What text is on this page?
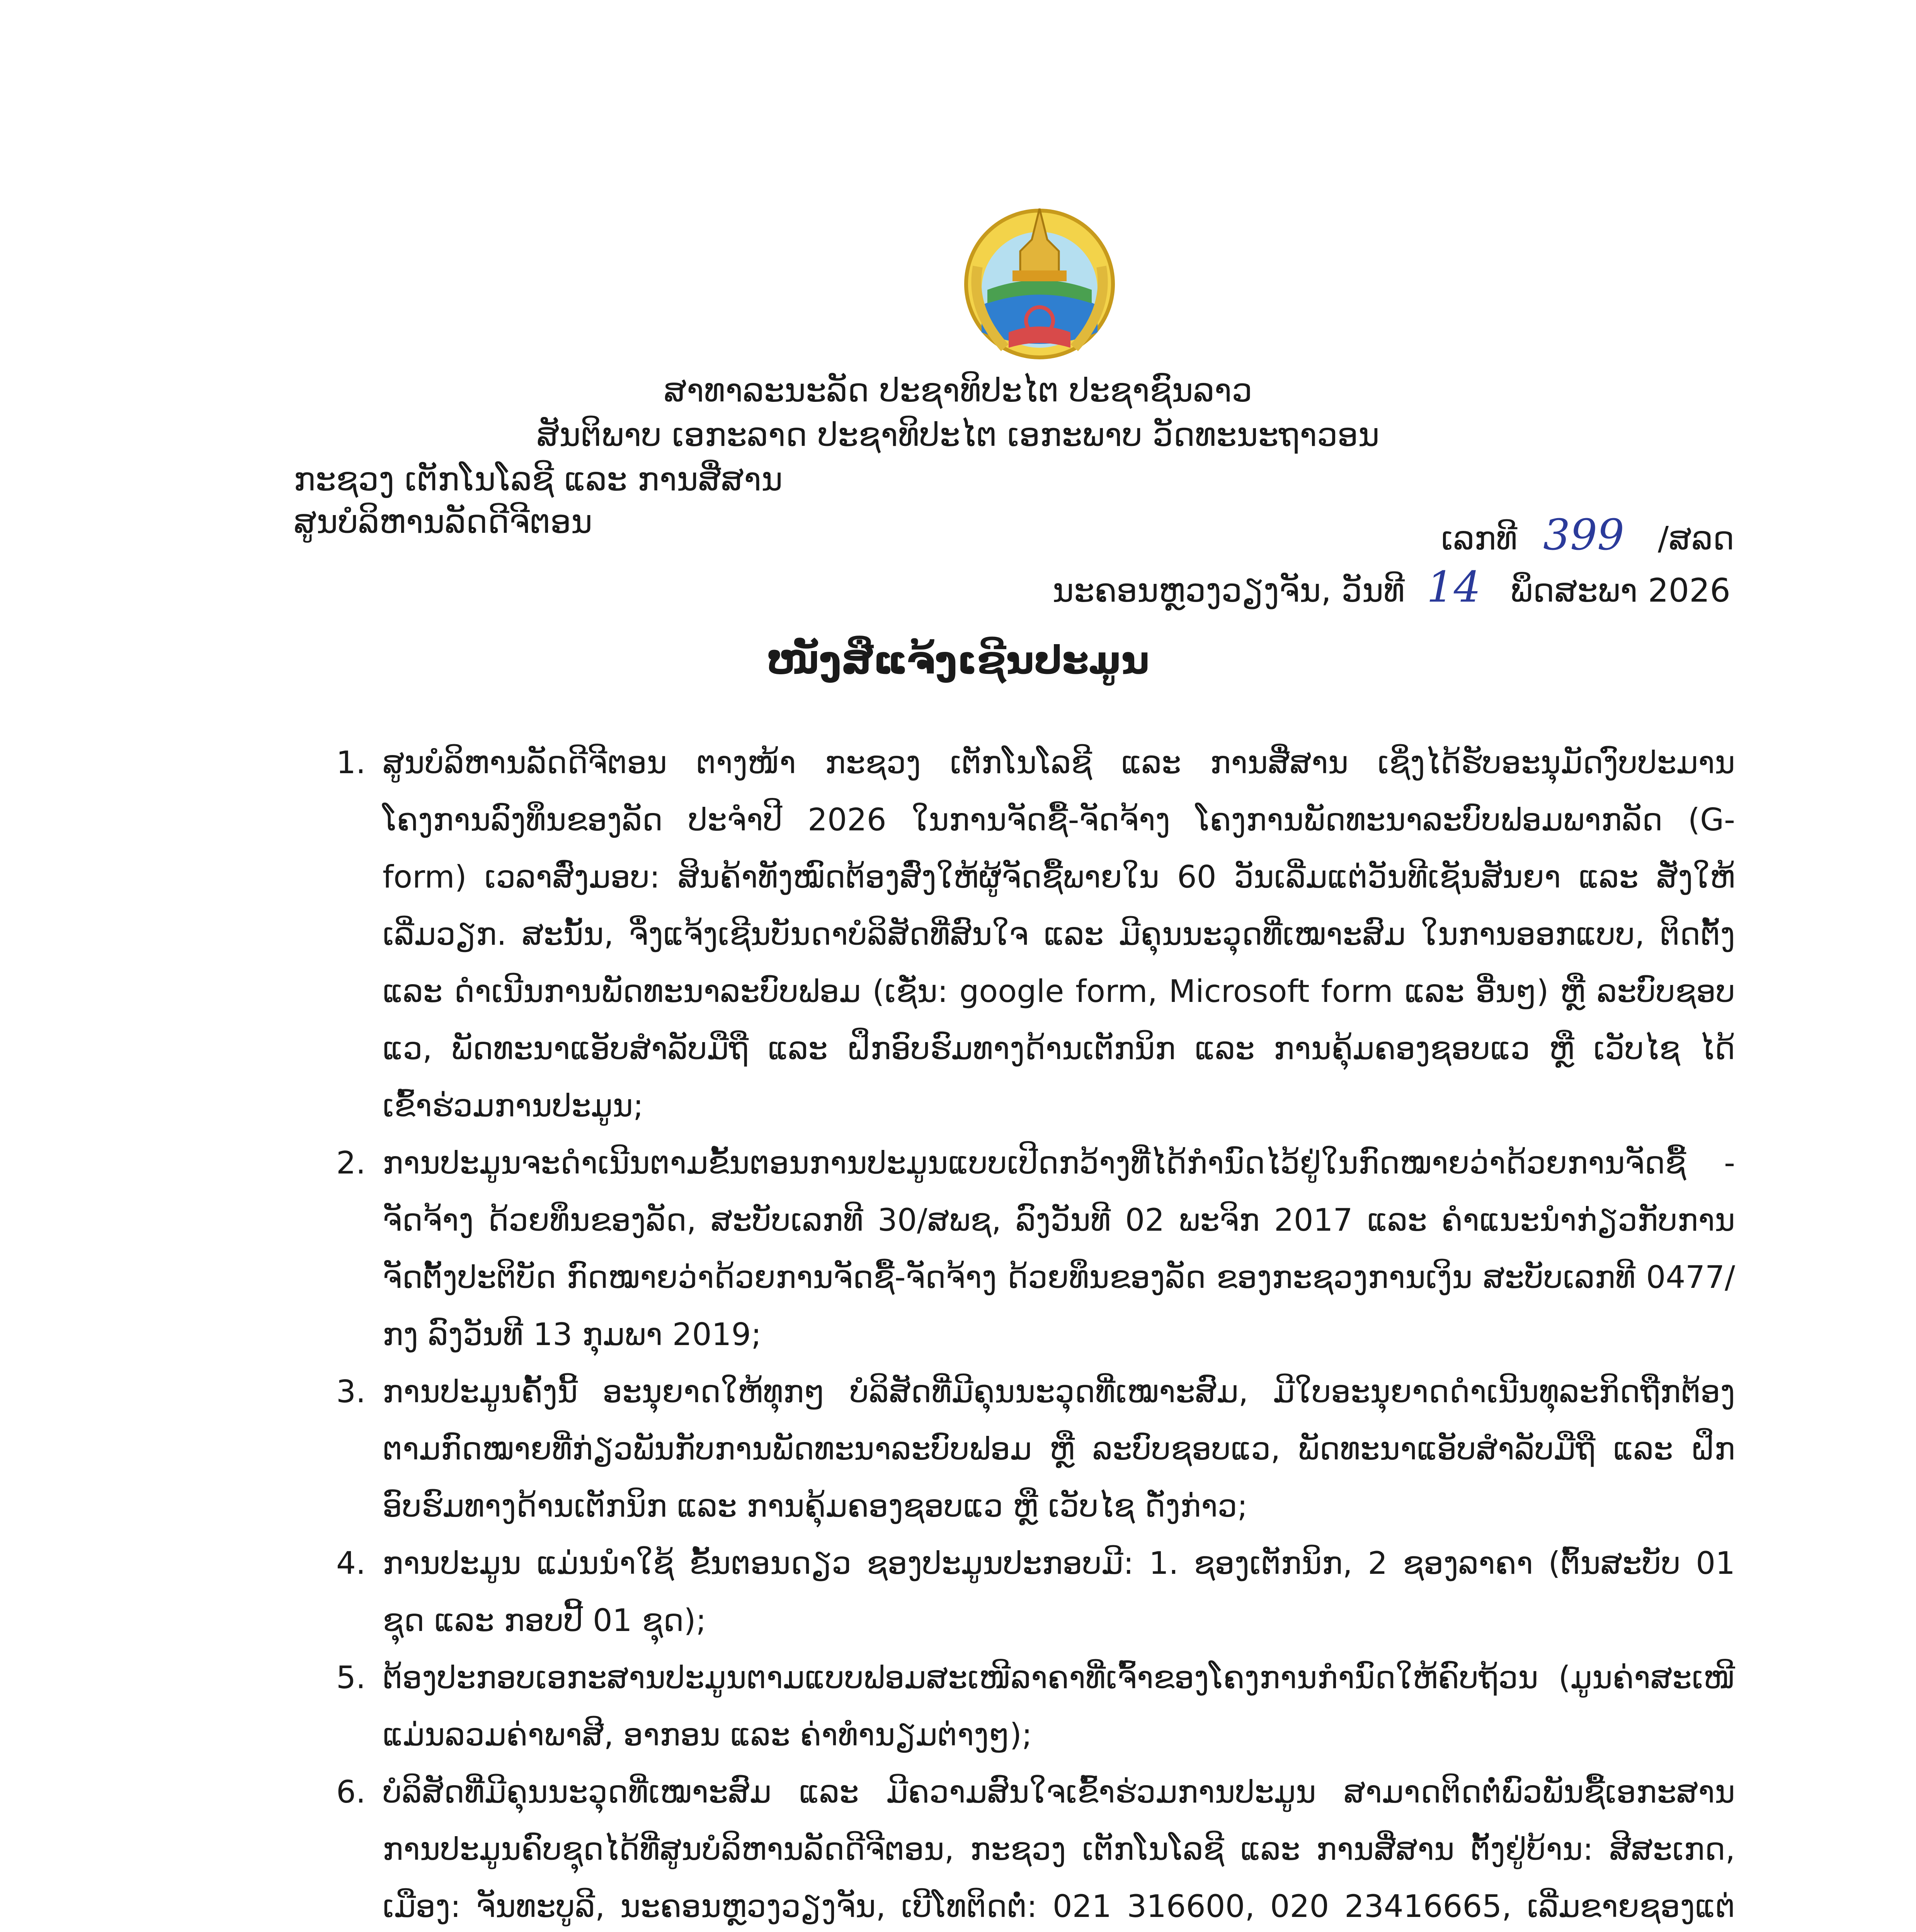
ສາທາລະນະລັດ ປະຊາທິປະໄຕ ປະຊາຊົນລາວ
ສັນຕິພາບ ເອກະລາດ ປະຊາທິປະໄຕ ເອກະພາບ ວັດທະນະຖາວອນ
ກະຊວງ ເຕັກໂນໂລຊີ ແລະ ການສື່ສານ
ສູນບໍລິຫານລັດດີຈີຕອນ	ເລກທີ 399 /ສລດ
ນະຄອນຫຼວງວຽງຈັນ, ວັນທີ 14 ພຶດສະພາ 2026
ໜັງສືແຈ້ງເຊີນປະມູນ
1. ສູນບໍລິຫານລັດດີຈີຕອນ ຕາງໜ້າ ກະຊວງ ເຕັກໂນໂລຊີ ແລະ ການສື່ສານ ເຊິ່ງໄດ້ຮັບອະນຸມັດງົບປະມານ ໂຄງການລົງທຶນຂອງລັດ ປະຈໍາປີ 2026 ໃນການຈັດຊື້-ຈັດຈ້າງ ໂຄງການພັດທະນາລະບົບຟອມພາກລັດ (G-form) ເວລາສົ່ງມອບ: ສິນຄ້າທັງໝົດຕ້ອງສົ່ງໃຫ້ຜູ້ຈັດຊື້ພາຍໃນ 60 ວັນເລີ່ມແຕ່ວັນທີເຊັນສັນຍາ ແລະ ສັ່ງໃຫ້ເລີ່ມວຽກ. ສະນັ້ນ, ຈຶ່ງແຈ້ງເຊີນບັນດາບໍລິສັດທີ່ສົນໃຈ ແລະ ມີຄຸນນະວຸດທີ່ເໝາະສົມ ໃນການອອກແບບ, ຕິດຕັ້ງ ແລະ ດໍາເນີນການພັດທະນາລະບົບຟອມ (ເຊັ່ນ: google form, Microsoft form ແລະ ອື່ນໆ) ຫຼື ລະບົບຊອບແວ, ພັດທະນາແອັບສໍາລັບມືຖື ແລະ ຝຶກອົບຮົມທາງດ້ານເຕັກນິກ ແລະ ການຄຸ້ມຄອງຊອບແວ ຫຼື ເວັບໄຊ ໄດ້ ເຂົ້າຮ່ວມການປະມູນ;
2. ການປະມູນຈະດໍາເນີນຕາມຂັ້ນຕອນການປະມູນແບບເປີດກວ້າງທີ່ໄດ້ກໍານົດໄວ້ຢູ່ໃນກົດໝາຍວ່າດ້ວຍການຈັດຊື້ - ຈັດຈ້າງ ດ້ວຍທຶນຂອງລັດ, ສະບັບເລກທີ 30/ສພຊ, ລົງວັນທີ 02 ພະຈິກ 2017 ແລະ ຄໍາແນະນໍາກ່ຽວກັບການຈັດຕັ້ງປະຕິບັດ ກົດໝາຍວ່າດ້ວຍການຈັດຊື້-ຈັດຈ້າງ ດ້ວຍທຶນຂອງລັດ ຂອງກະຊວງການເງິນ ສະບັບເລກທີ 0477/ກງ ລົງວັນທີ 13 ກຸມພາ 2019;
3. ການປະມູນຄັ້ງນີ້ ອະນຸຍາດໃຫ້ທຸກໆ ບໍລິສັດທີ່ມີຄຸນນະວຸດທີ່ເໝາະສົມ, ມີໃບອະນຸຍາດດໍາເນີນທຸລະກິດຖືກຕ້ອງຕາມກົດໝາຍທີ່ກ່ຽວພັນກັບການພັດທະນາລະບົບຟອມ ຫຼື ລະບົບຊອບແວ, ພັດທະນາແອັບສໍາລັບມືຖື ແລະ ຝຶກອົບຮົມທາງດ້ານເຕັກນິກ ແລະ ການຄຸ້ມຄອງຊອບແວ ຫຼື ເວັບໄຊ ດັ່ງກ່າວ;
4. ການປະມູນ ແມ່ນນໍາໃຊ້ ຂັ້ນຕອນດຽວ ຊອງປະມູນປະກອບມີ: 1. ຊອງເຕັກນິກ, 2 ຊອງລາຄາ (ຕົ້ນສະບັບ 01 ຊຸດ ແລະ ກອບປີ້ 01 ຊຸດ);
5. ຕ້ອງປະກອບເອກະສານປະມູນຕາມແບບຟອມສະເໜີລາຄາທີ່ເຈົ້າຂອງໂຄງການກໍານົດໃຫ້ຄົບຖ້ວນ (ມູນຄ່າສະເໜີແມ່ນລວມຄ່າພາສີ, ອາກອນ ແລະ ຄ່າທໍານຽມຕ່າງໆ);
6. ບໍລິສັດທີ່ມີຄຸນນະວຸດທີ່ເໝາະສົມ ແລະ ມີຄວາມສົນໃຈເຂົ້າຮ່ວມການປະມູນ ສາມາດຕິດຕໍ່ພົວພັນຊື້ເອກະສານການປະມູນຄົບຊຸດໄດ້ທີ່ສູນບໍລິຫານລັດດີຈີຕອນ, ກະຊວງ ເຕັກໂນໂລຊີ ແລະ ການສື່ສານ ຕັ້ງຢູ່ບ້ານ: ສີສະເກດ, ເມືອງ: ຈັນທະບູລີ, ນະຄອນຫຼວງວຽງຈັນ, ເບີໂທຕິດຕໍ່: 021 316600, 020 23416665, ເລີ່ມຂາຍຊອງແຕ່
